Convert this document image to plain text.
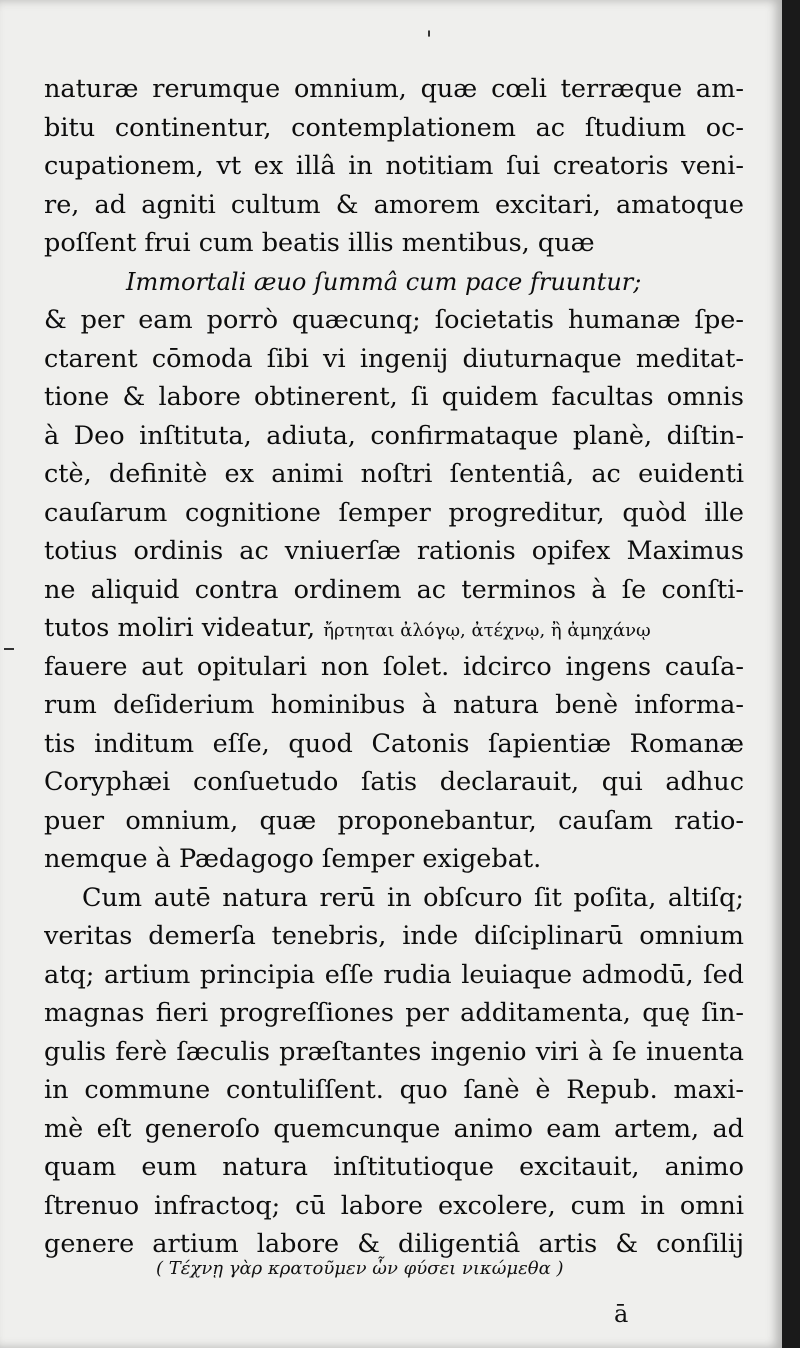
'
naturæ rerumque omnium, quæ cœli terræque am-
bitu continentur, contemplationem ac ſtudium oc-
cupationem, vt ex illâ in notitiam ſui creatoris veni-
re, ad agniti cultum & amorem excitari, amatoque
poſſent frui cum beatis illis mentibus, quæ
Immortali æuo ſummâ cum pace fruuntur;
& per eam porrò quæcunq; ſocietatis humanæ ſpe-
ctarent cōmoda ſibi vi ingenij diuturnaque meditat-
tione & labore obtinerent, ſi quidem facultas omnis
à Deo inſtituta, adiuta, confirmataque planè, diſtin-
ctè, definitè ex animi noſtri ſententiâ, ac euidenti
cauſarum cognitione ſemper progreditur, quòd ille
totius ordinis ac vniuerſæ rationis opifex Maximus
ne aliquid contra ordinem ac terminos à ſe conſti-
tutos moliri videatur, ἤρτηται ἀλόγῳ, ἀτέχνῳ, ἢ ἀμηχάνῳ
fauere aut opitulari non ſolet. idcirco ingens cauſa-
rum deſiderium hominibus à natura benè informa-
tis inditum eſſe, quod Catonis ſapientiæ Romanæ
Coryphæi conſuetudo ſatis declarauit, qui adhuc
puer omnium, quæ proponebantur, cauſam ratio-
nemque à Pædagogo ſemper exigebat.
Cum autē natura rerū in obſcuro ſit poſita, altiſq;
veritas demerſa tenebris, inde diſciplinarū omnium
atq; artium principia eſſe rudia leuiaque admodū, ſed
magnas fieri progreſſiones per additamenta, quę ſin-
gulis ferè ſæculis præſtantes ingenio viri à ſe inuenta
in commune contuliſſent. quo ſanè è Repub. maxi-
mè eſt generoſo quemcunque animo eam artem, ad
quam eum natura inſtitutioque excitauit, animo
ſtrenuo infractoq; cū labore excolere, cum in omni
genere artium labore & diligentiâ artis & conſilij
( Τέχνῃ γὰρ κρατοῦμεν ὧν φύσει νικώμεθα )
ā
